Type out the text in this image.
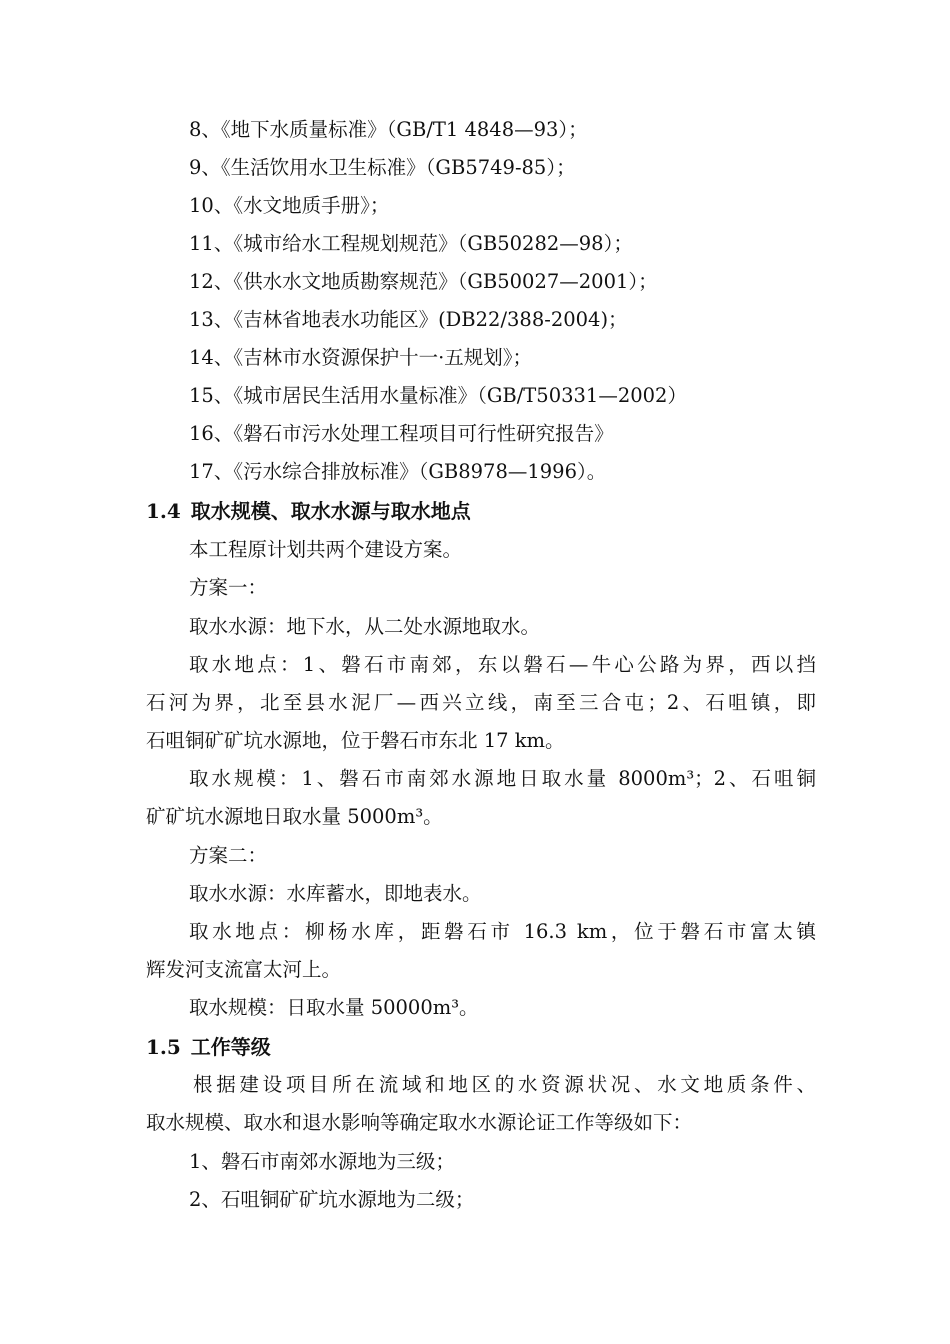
8、《地下水质量标准》（GB/T1 4848—93）；
9、《生活饮用水卫生标准》（GB5749-85）；
10、《水文地质手册》；
11、《城市给水工程规划规范》（GB50282—98）；
12、《供水水文地质勘察规范》（GB50027—2001）；
13、《吉林省地表水功能区》(DB22/388-2004)；
14、《吉林市水资源保护十一·五规划》；
15、《城市居民生活用水量标准》（GB/T50331—2002）
16、《磐石市污水处理工程项目可行性研究报告》
17、《污水综合排放标准》（GB8978—1996）。
1.4 取水规模、取水水源与取水地点
本工程原计划共两个建设方案。
方案一：
取水水源：地下水，从二处水源地取水。
取水地点：1、磐石市南郊，东以磐石—牛心公路为界，西以挡
石河为界，北至县水泥厂—西兴立线，南至三合屯；2、石咀镇，即
石咀铜矿矿坑水源地，位于磐石市东北 17 km。
取水规模：1、磐石市南郊水源地日取水量 8000m³；2、石咀铜
矿矿坑水源地日取水量 5000m³。
方案二：
取水水源：水库蓄水，即地表水。
取水地点：柳杨水库，距磐石市 16.3 km，位于磐石市富太镇
辉发河支流富太河上。
取水规模：日取水量 50000m³。
1.5 工作等级
根据建设项目所在流域和地区的水资源状况、水文地质条件、
取水规模、取水和退水影响等确定取水水源论证工作等级如下：
1、磐石市南郊水源地为三级；
2、石咀铜矿矿坑水源地为二级；
